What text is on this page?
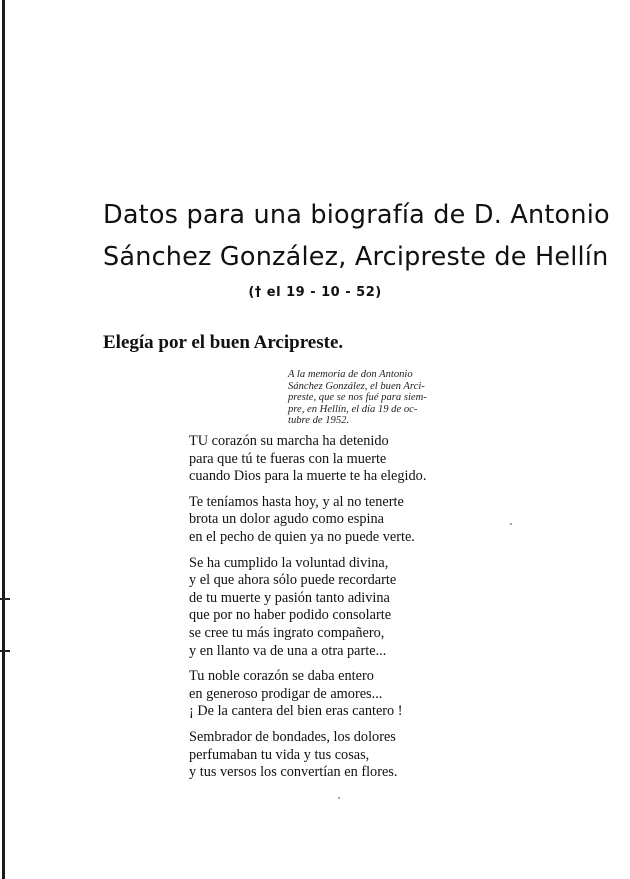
Datos para una biografía de D. Antonio
Sánchez González, Arcipreste de Hellín
(† el 19 - 10 - 52)
Elegía por el buen Arcipreste.
A la memoria de don Antonio
Sánchez González, el buen Arci-
preste, que se nos fué para siem-
pre, en Hellín, el día 19 de oc-
tubre de 1952.
TU corazón su marcha ha detenido
para que tú te fueras con la muerte
cuando Dios para la muerte te ha elegido.
Te teníamos hasta hoy, y al no tenerte
brota un dolor agudo como espina
en el pecho de quien ya no puede verte.
Se ha cumplido la voluntad divina,
y el que ahora sólo puede recordarte
de tu muerte y pasión tanto adivina
que por no haber podido consolarte
se cree tu más ingrato compañero,
y en llanto va de una a otra parte...
Tu noble corazón se daba entero
en generoso prodigar de amores...
¡ De la cantera del bien eras cantero !
Sembrador de bondades, los dolores
perfumaban tu vida y tus cosas,
y tus versos los convertían en flores.
